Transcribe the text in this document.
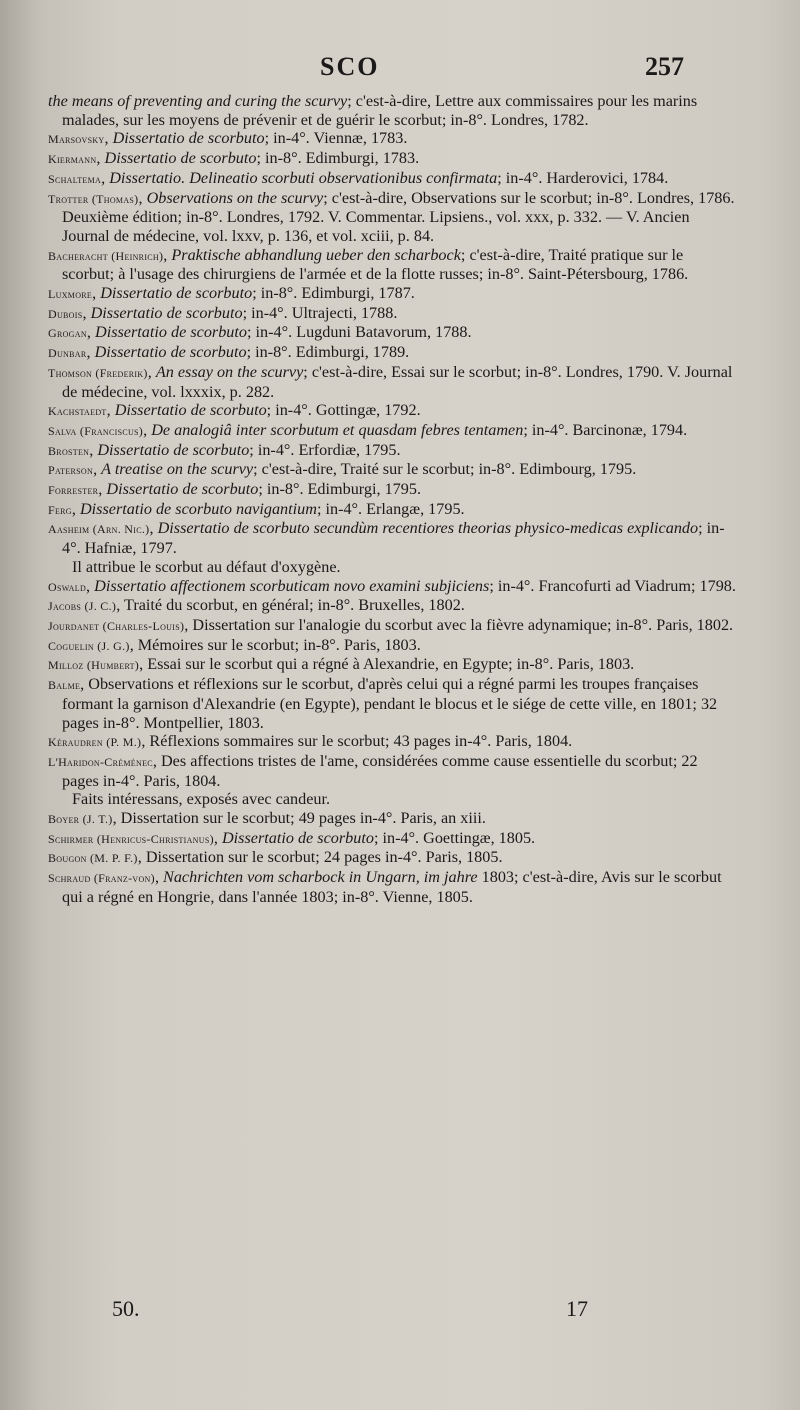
SCO	257

the means of preventing and curing the scurvy; c'est-à-dire, Lettre aux commissaires pour les marins malades, sur les moyens de prévenir et de guérir le scorbut; in-8°. Londres, 1782.

Marsovsky, Dissertatio de scorbuto; in-4°. Viennæ, 1783.

Kiermann, Dissertatio de scorbuto; in-8°. Edimburgi, 1783.

Schaltema, Dissertatio. Delineatio scorbuti observationibus confirmata; in-4°. Harderovici, 1784.

Trotter (Thomas), Observations on the scurvy; c'est-à-dire, Observations sur le scorbut; in-8°. Londres, 1786. Deuxième édition; in-8°. Londres, 1792. V. Commentar. Lipsiens., vol. xxx, p. 332. — V. Ancien Journal de médecine, vol. lxxv, p. 136, et vol. xciii, p. 84.

Bacheracht (Heinrich), Praktische abhandlung ueber den scharbock; c'est-à-dire, Traité pratique sur le scorbut; à l'usage des chirurgiens de l'armée et de la flotte russes; in-8°. Saint-Pétersbourg, 1786.

Luxmore, Dissertatio de scorbuto; in-8°. Edimburgi, 1787.

Dubois, Dissertatio de scorbuto; in-4°. Ultrajecti, 1788.

Grogan, Dissertatio de scorbuto; in-4°. Lugduni Batavorum, 1788.

Dunbar, Dissertatio de scorbuto; in-8°. Edimburgi, 1789.

Thomson (Frederik), An essay on the scurvy; c'est-à-dire, Essai sur le scorbut; in-8°. Londres, 1790. V. Journal de médecine, vol. lxxxix, p. 282.

Kachstaedt, Dissertatio de scorbuto; in-4°. Gottingæ, 1792.

Salva (Franciscus), De analogiâ inter scorbutum et quasdam febres tentamen; in-4°. Barcinonæ, 1794.

Brosten, Dissertatio de scorbuto; in-4°. Erfordiæ, 1795.

Paterson, A treatise on the scurvy; c'est-à-dire, Traité sur le scorbut; in-8°. Edimbourg, 1795.

Forrester, Dissertatio de scorbuto; in-8°. Edimburgi, 1795.

Ferg, Dissertatio de scorbuto navigantium; in-4°. Erlangæ, 1795.

Aasheim (Arn. Nic.), Dissertatio de scorbuto secundùm recentiores theorias physico-medicas explicando; in-4°. Hafniæ, 1797.

Il attribue le scorbut au défaut d'oxygène.

Oswald, Dissertatio affectionem scorbuticam novo examini subjiciens; in-4°. Francofurti ad Viadrum; 1798.

Jacobs (J. C.), Traité du scorbut, en général; in-8°. Bruxelles, 1802.

Jourdanet (Charles-Louis), Dissertation sur l'analogie du scorbut avec la fièvre adynamique; in-8°. Paris, 1802.

Coguelin (J. G.), Mémoires sur le scorbut; in-8°. Paris, 1803.

Milloz (Humbert), Essai sur le scorbut qui a régné à Alexandrie, en Egypte; in-8°. Paris, 1803.

Balme, Observations et réflexions sur le scorbut, d'après celui qui a régné parmi les troupes françaises formant la garnison d'Alexandrie (en Egypte), pendant le blocus et le siége de cette ville, en 1801; 32 pages in-8°. Montpellier, 1803.

Kéraudren (P. M.), Réflexions sommaires sur le scorbut; 43 pages in-4°. Paris, 1804.

L'Haridon-Créménec, Des affections tristes de l'ame, considérées comme cause essentielle du scorbut; 22 pages in-4°. Paris, 1804.

Faits intéressans, exposés avec candeur.

Boyer (J. T.), Dissertation sur le scorbut; 49 pages in-4°. Paris, an xiii.

Schirmer (Henricus-Christianus), Dissertatio de scorbuto; in-4°. Goettingæ, 1805.

Bougon (M. P. F.), Dissertation sur le scorbut; 24 pages in-4°. Paris, 1805.

Schraud (Franz-von), Nachrichten vom scharbock in Ungarn, im jahre 1803; c'est-à-dire, Avis sur le scorbut qui a régné en Hongrie, dans l'année 1803; in-8°. Vienne, 1805.

50.	17
